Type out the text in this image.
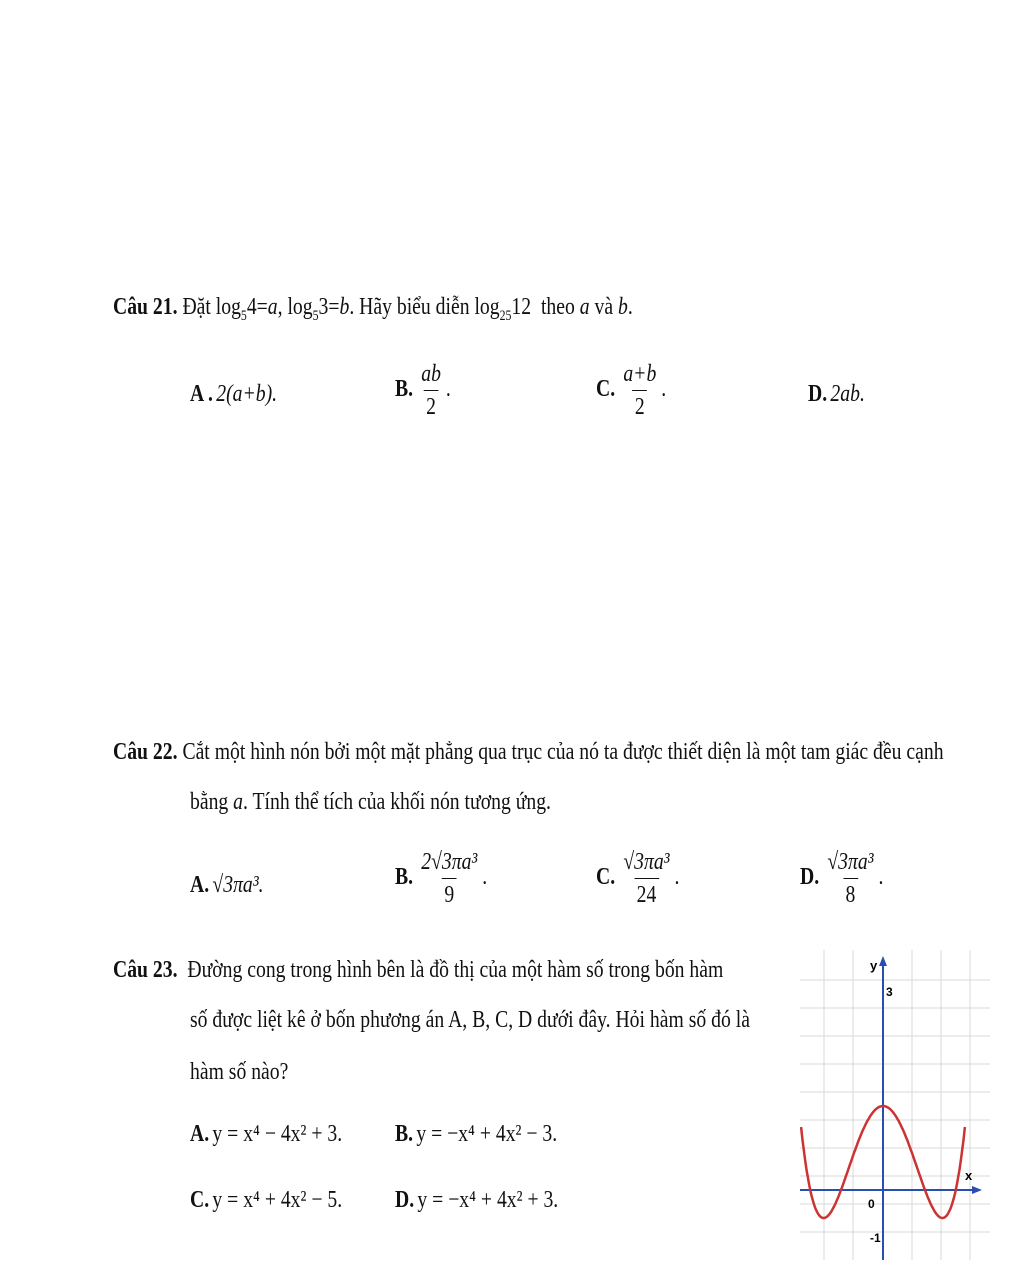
Câu 21. Đặt $\log_54=a$, $\log_53=b$. Hãy biểu diễn $\log_{25}12$ theo a và b.
A . 2(a+b).	B. $\frac{ab}{2}$ .	C. $\frac{a+b}{2}$ .	D. 2ab.
Câu 22. Cắt một hình nón bởi một mặt phẳng qua trục của nó ta được thiết diện là một tam giác đều cạnh
bằng a. Tính thể tích của khối nón tương ứng.
A. √3πa³.	B. $\frac{\text{2√3πa³}}{9}$ .	C. $\frac{\text{√3πa³}}{24}$ .	D. $\frac{\text{√3πa³}}{8}$ .
Câu 23. Đường cong trong hình bên là đồ thị của một hàm số trong bốn hàm
số được liệt kê ở bốn phương án A, B, C, D dưới đây. Hỏi hàm số đó là
hàm số nào?
A. y = x⁴ − 4x² + 3. B. y = −x⁴ + 4x² − 3.
C. y = x⁴ + 4x² − 5. D. y = −x⁴ + 4x² + 3.
y
x
3
0
-1
